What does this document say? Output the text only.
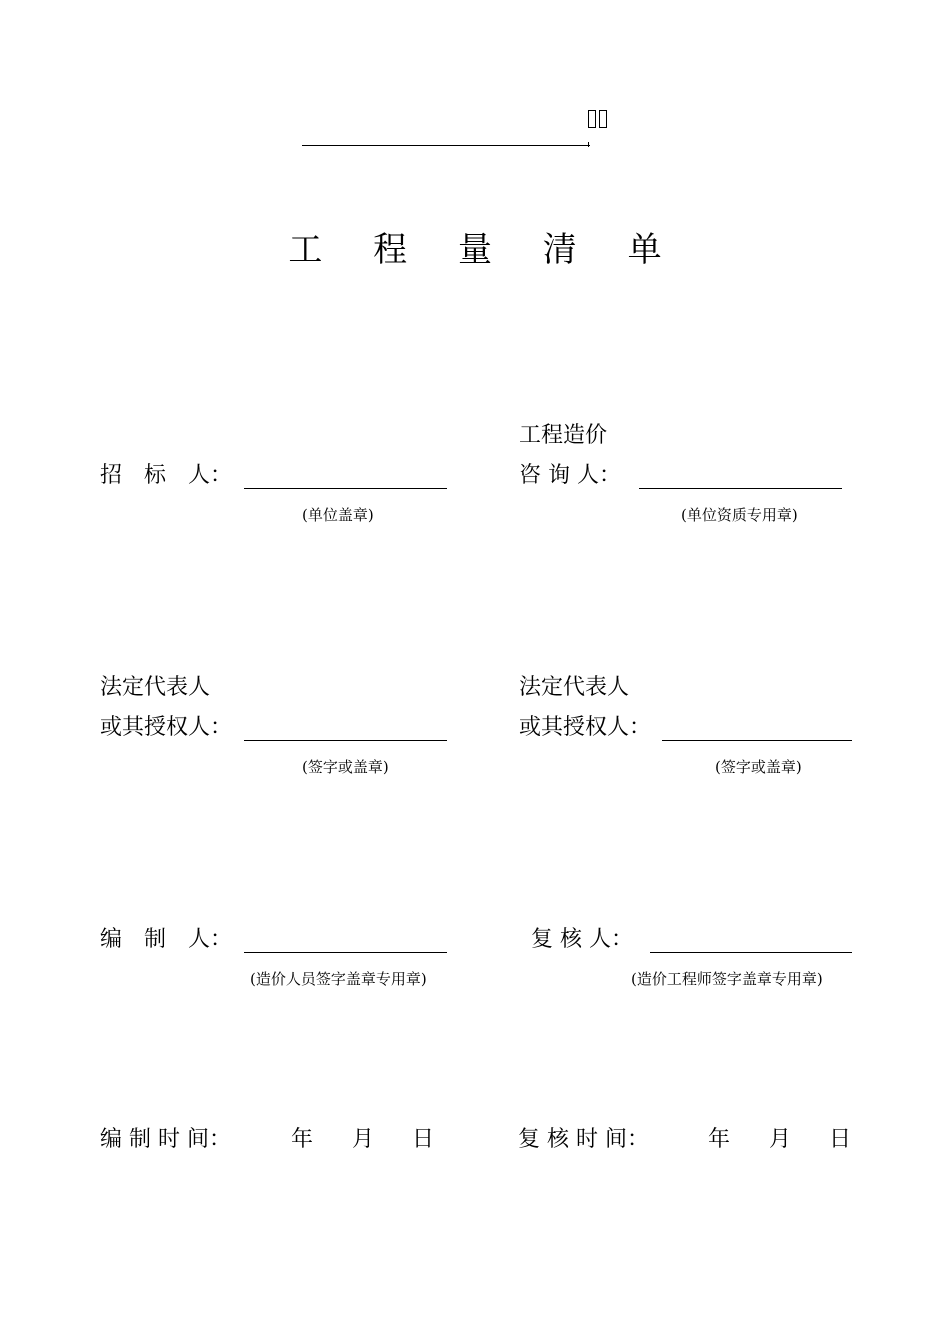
工 程 量 清 单
招　标　人：
(单位盖章)
工程造价
咨 询 人：
(单位资质专用章)
法定代表人
或其授权人：
(签字或盖章)
法定代表人
或其授权人：
(签字或盖章)
编　制　人：
(造价人员签字盖章专用章)
复 核 人：
(造价工程师签字盖章专用章)
编 制 时 间：	年 月 日	复 核 时 间：	年 月 日
